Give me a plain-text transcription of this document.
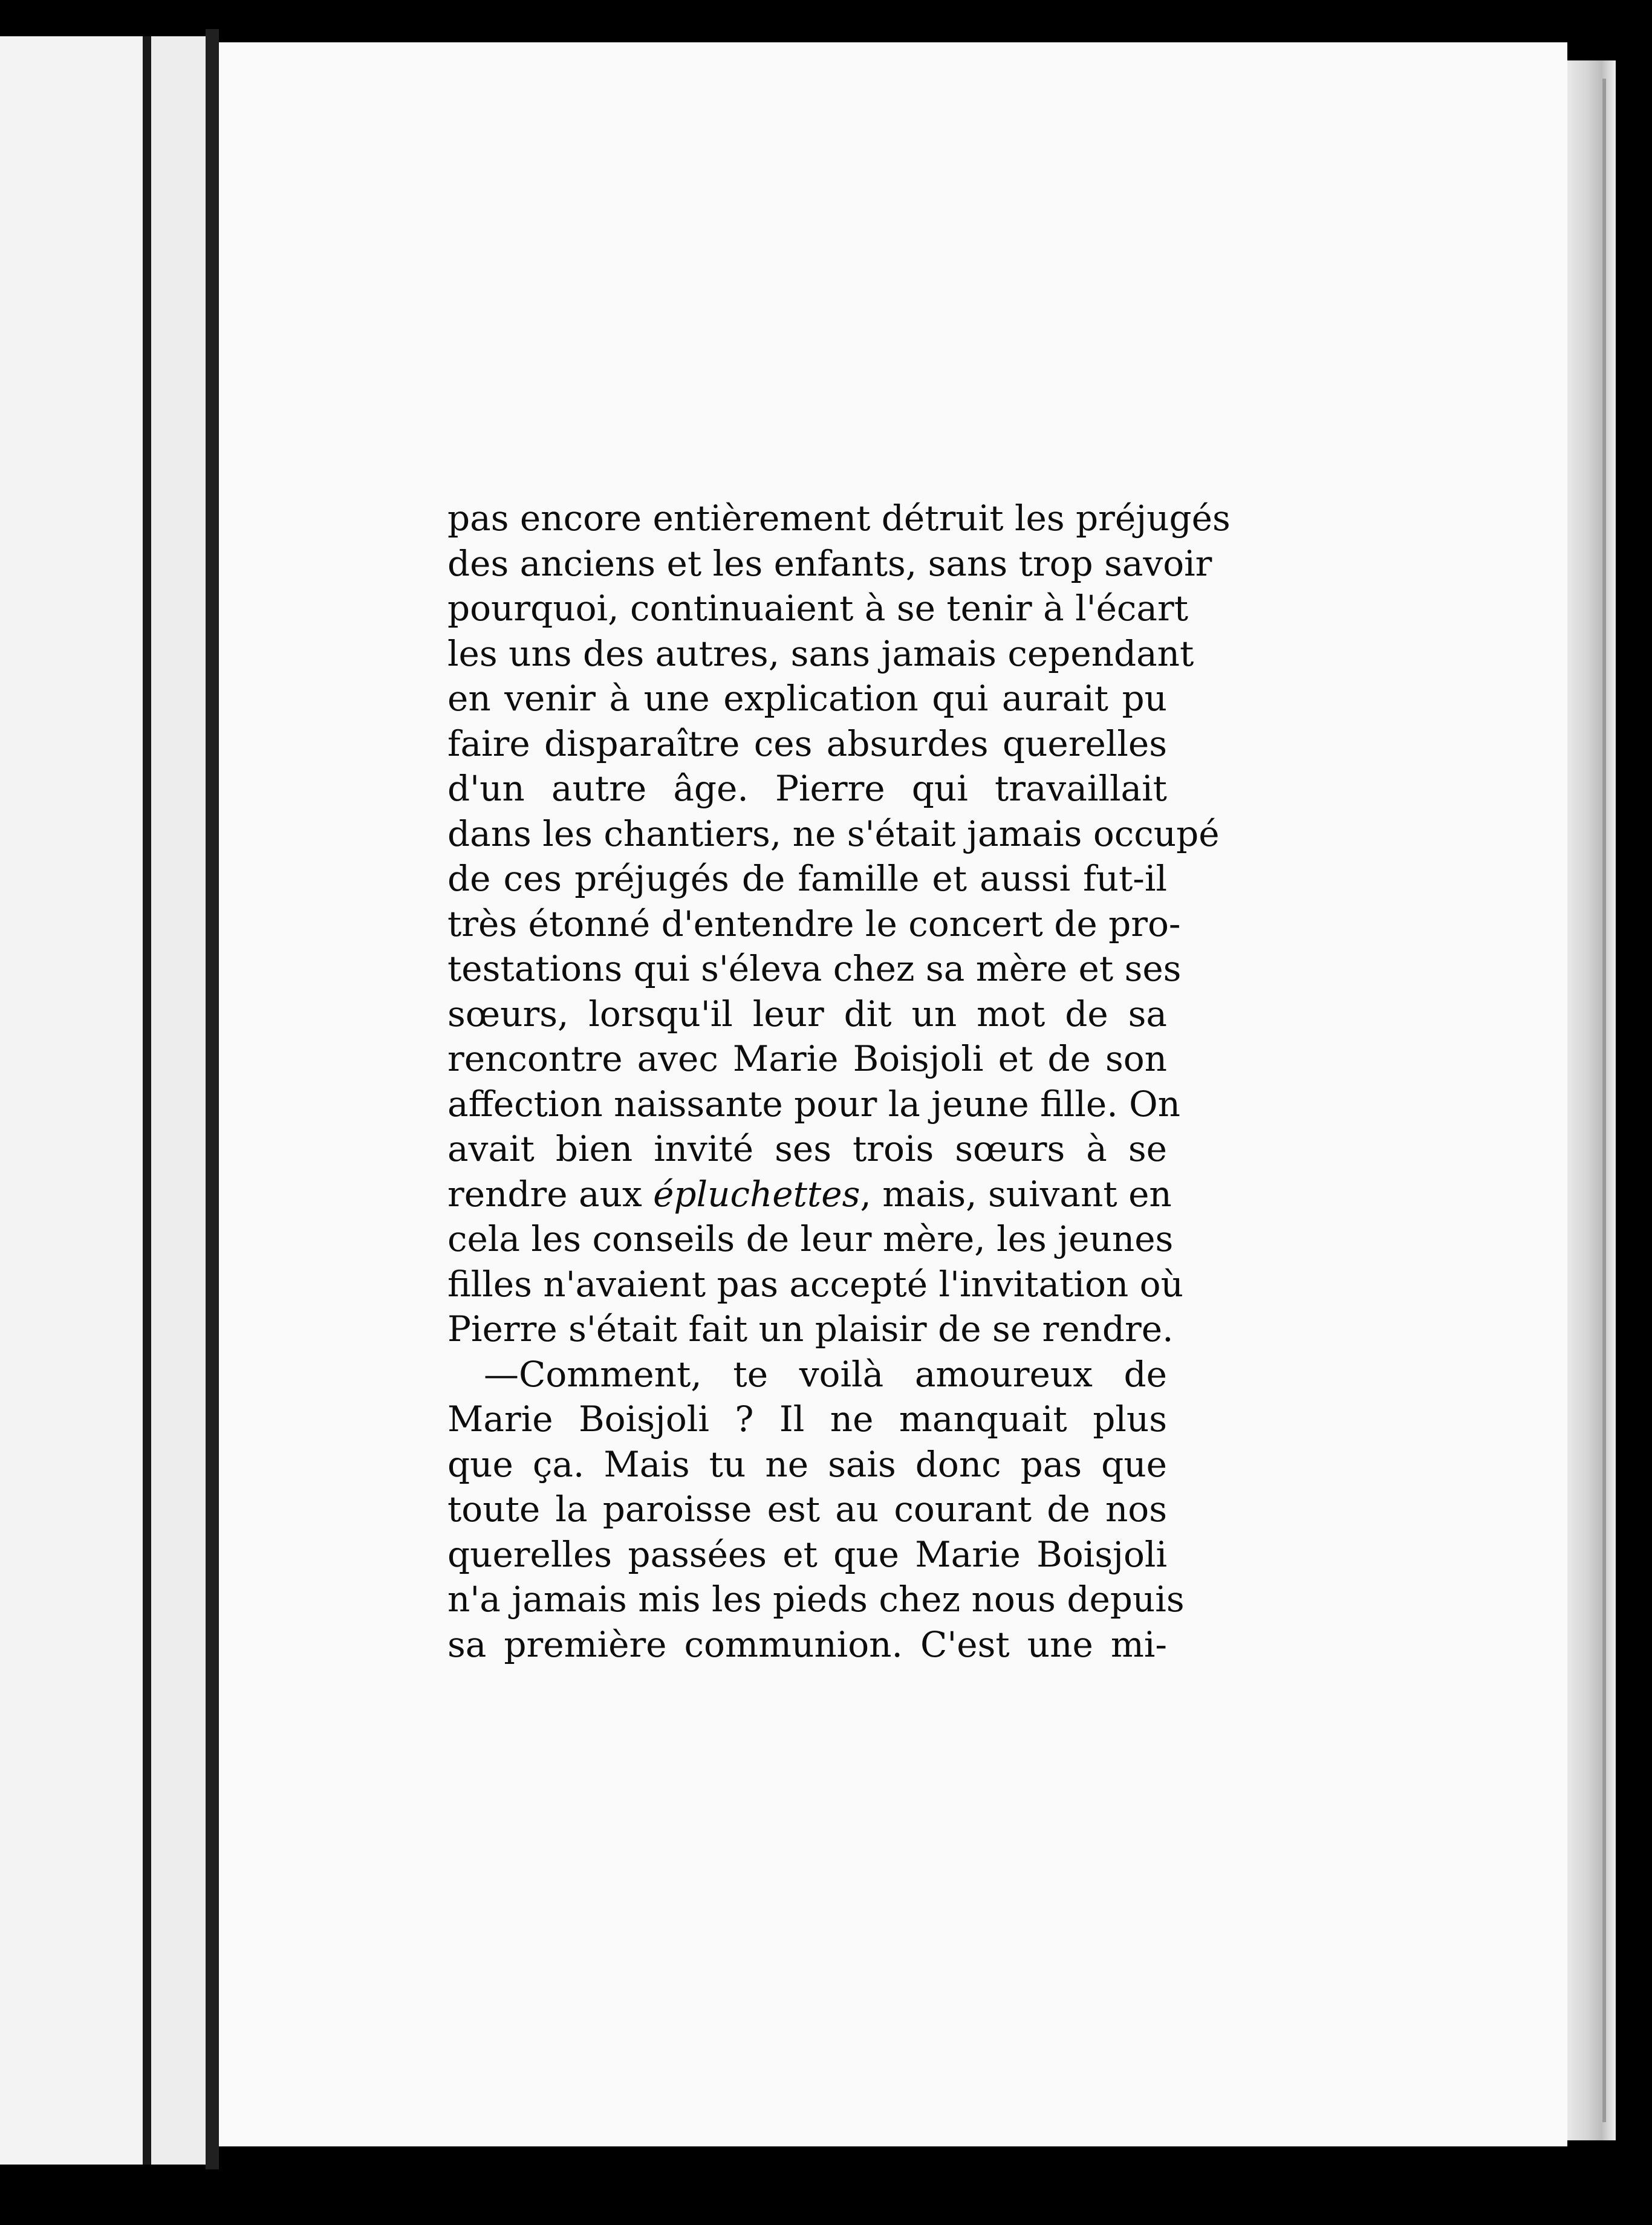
pas encore entièrement détruit les préjugés
des anciens et les enfants, sans trop savoir
pourquoi, continuaient à se tenir à l'écart
les uns des autres, sans jamais cependant
en venir à une explication qui aurait pu
faire disparaître ces absurdes querelles
d'un autre âge. Pierre qui travaillait
dans les chantiers, ne s'était jamais occupé
de ces préjugés de famille et aussi fut-il
très étonné d'entendre le concert de pro-
testations qui s'éleva chez sa mère et ses
sœurs, lorsqu'il leur dit un mot de sa
rencontre avec Marie Boisjoli et de son
affection naissante pour la jeune fille. On
avait bien invité ses trois sœurs à se
rendre aux épluchettes, mais, suivant en
cela les conseils de leur mère, les jeunes
filles n'avaient pas accepté l'invitation où
Pierre s'était fait un plaisir de se rendre.
—Comment, te voilà amoureux de
Marie Boisjoli ? Il ne manquait plus
que ça. Mais tu ne sais donc pas que
toute la paroisse est au courant de nos
querelles passées et que Marie Boisjoli
n'a jamais mis les pieds chez nous depuis
sa première communion. C'est une mi-
